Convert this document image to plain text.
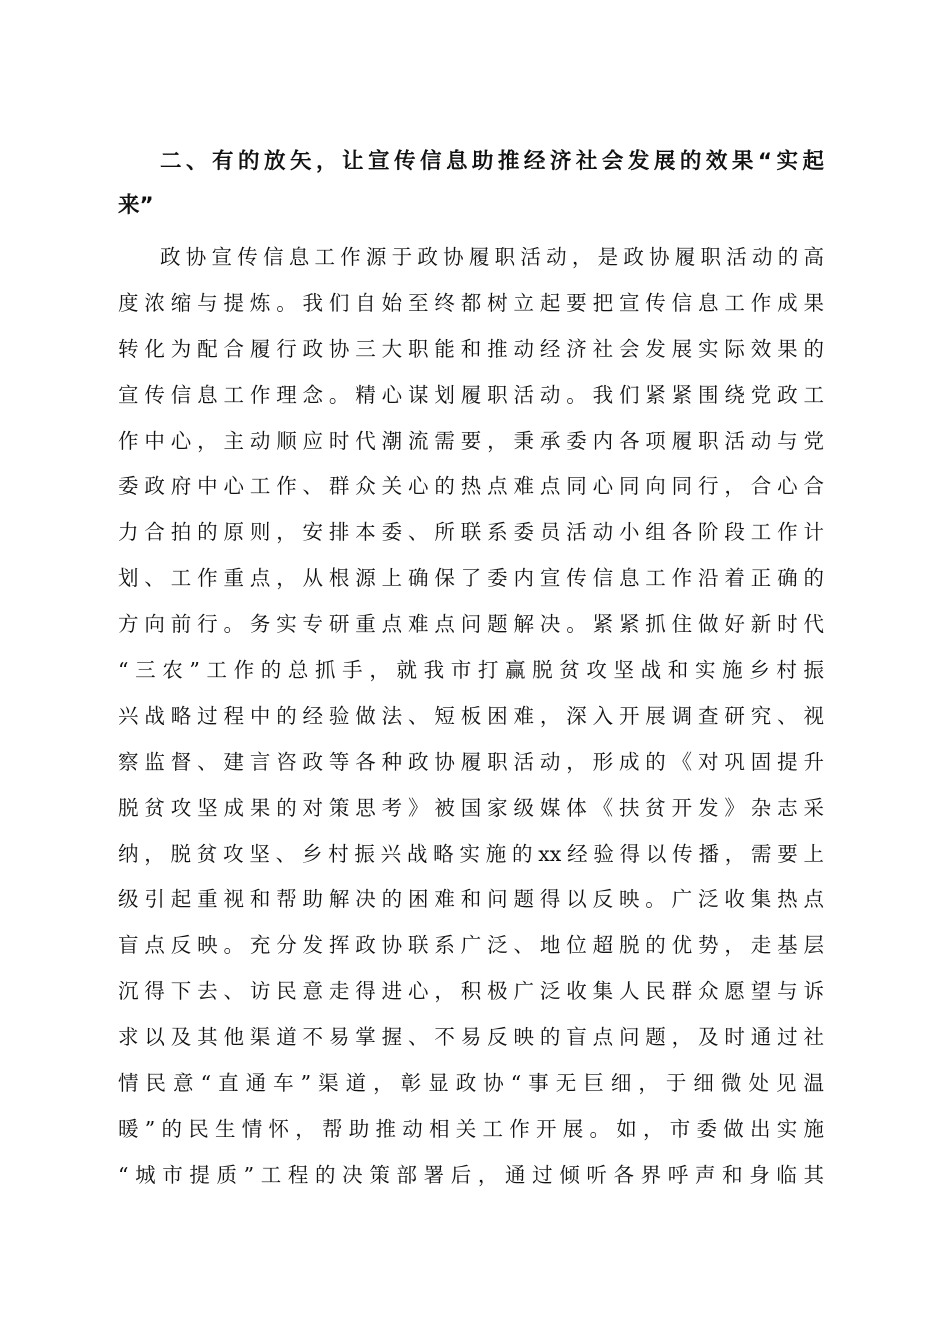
二、有的放矢，让宣传信息助推经济社会发展的效果“实起
来”
政协宣传信息工作源于政协履职活动，是政协履职活动的高
度浓缩与提炼。我们自始至终都树立起要把宣传信息工作成果
转化为配合履行政协三大职能和推动经济社会发展实际效果的
宣传信息工作理念。精心谋划履职活动。我们紧紧围绕党政工
作中心，主动顺应时代潮流需要，秉承委内各项履职活动与党
委政府中心工作、群众关心的热点难点同心同向同行，合心合
力合拍的原则，安排本委、所联系委员活动小组各阶段工作计
划、工作重点，从根源上确保了委内宣传信息工作沿着正确的
方向前行。务实专研重点难点问题解决。紧紧抓住做好新时代
“三农”工作的总抓手，就我市打赢脱贫攻坚战和实施乡村振
兴战略过程中的经验做法、短板困难，深入开展调查研究、视
察监督、建言咨政等各种政协履职活动，形成的《对巩固提升
脱贫攻坚成果的对策思考》被国家级媒体《扶贫开发》杂志采
纳，脱贫攻坚、乡村振兴战略实施的xx经验得以传播，需要上
级引起重视和帮助解决的困难和问题得以反映。广泛收集热点
盲点反映。充分发挥政协联系广泛、地位超脱的优势，走基层
沉得下去、访民意走得进心，积极广泛收集人民群众愿望与诉
求以及其他渠道不易掌握、不易反映的盲点问题，及时通过社
情民意“直通车”渠道，彰显政协“事无巨细，于细微处见温
暖”的民生情怀，帮助推动相关工作开展。如，市委做出实施
“城市提质”工程的决策部署后，通过倾听各界呼声和身临其
